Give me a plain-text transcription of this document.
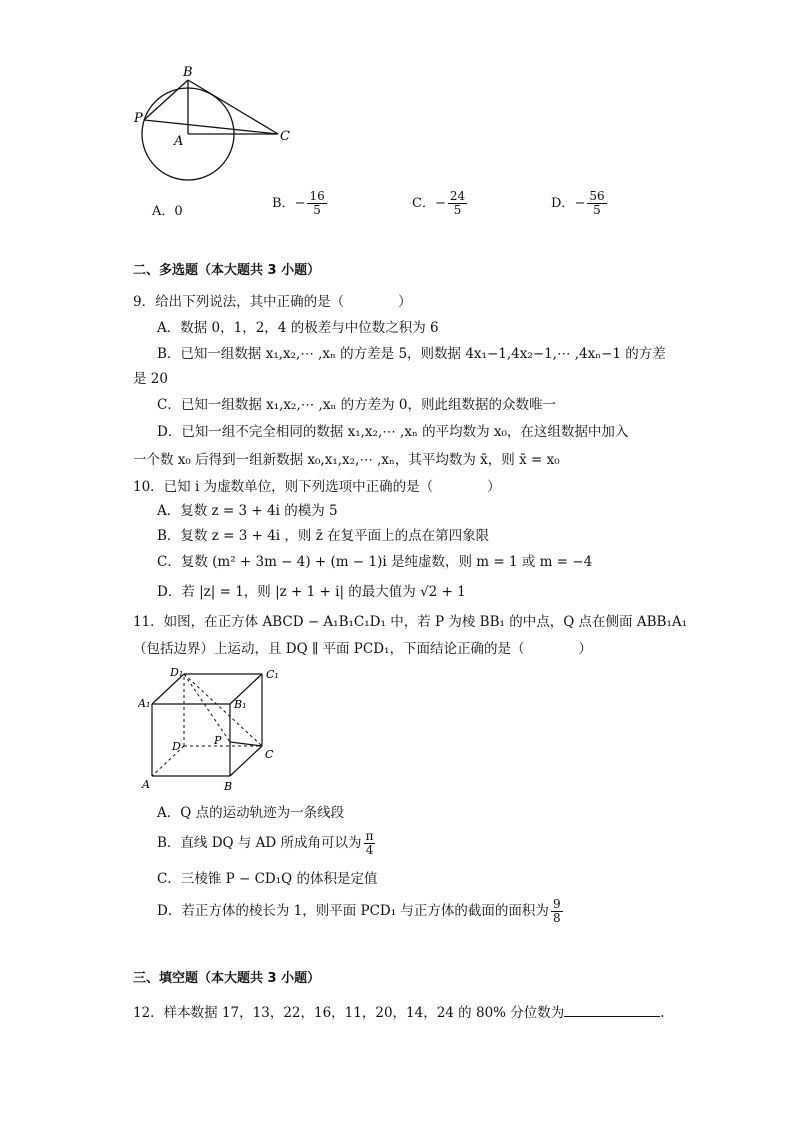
B
P
A	C
A．0
B．− $\frac{16}{5}$	C．− $\frac{24}{5}$	D．− $\frac{56}{5}$
二、多选题（本大题共 3 小题）
9．给出下列说法，其中正确的是（　　　　）
A．数据 0，1，2，4 的极差与中位数之积为 6
B．已知一组数据 x₁,x₂,⋯ ,xₙ 的方差是 5，则数据 4x₁−1,4x₂−1,⋯ ,4xₙ−1 的方差
是 20
C．已知一组数据 x₁,x₂,⋯ ,xₙ 的方差为 0，则此组数据的众数唯一
D．已知一组不完全相同的数据 x₁,x₂,⋯ ,xₙ 的平均数为 x₀，在这组数据中加入
一个数 x₀ 后得到一组新数据 x₀,x₁,x₂,⋯ ,xₙ，其平均数为 x̄，则 x̄ = x₀
10．已知 i 为虚数单位，则下列选项中正确的是（　　　　）
A．复数 z = 3 + 4i 的模为 5
B．复数 z = 3 + 4i ，则 z̄ 在复平面上的点在第四象限
C．复数 (m² + 3m − 4) + (m − 1)i 是纯虚数，则 m = 1 或 m = −4
D．若 |z| = 1，则 |z + 1 + i| 的最大值为 √2 + 1
11．如图，在正方体 ABCD − A₁B₁C₁D₁ 中，若 P 为棱 BB₁ 的中点，Q 点在侧面 ABB₁A₁
（包括边界）上运动，且 DQ ∥ 平面 PCD₁，下面结论正确的是（　　　　）
D₁	C₁
A₁	B₁
D	P
C
A	B
A．Q 点的运动轨迹为一条线段
B．直线 DQ 与 AD 所成角可以为 $\frac{\pi}{4}$
C．三棱锥 P − CD₁Q 的体积是定值
D．若正方体的棱长为 1，则平面 PCD₁ 与正方体的截面的面积为 $\frac{9}{8}$
三、填空题（本大题共 3 小题）
12．样本数据 17，13，22，16，11，20，14，24 的 80% 分位数为	.
